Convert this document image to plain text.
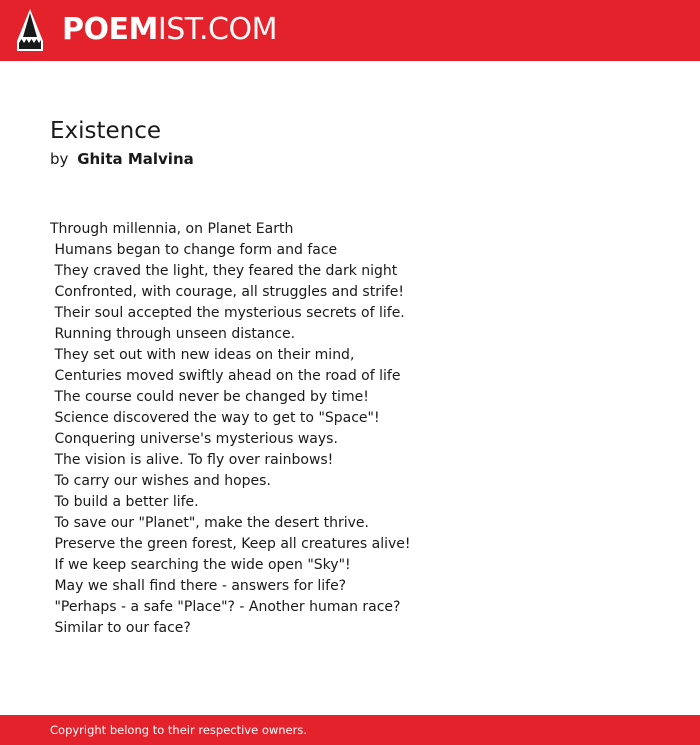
POEMIST.COM
Existence
by Ghita Malvina
Through millennia, on Planet Earth
Humans began to change form and face
They craved the light, they feared the dark night
Confronted, with courage, all struggles and strife!
Their soul accepted the mysterious secrets of life.
Running through unseen distance.
They set out with new ideas on their mind,
Centuries moved swiftly ahead on the road of life
The course could never be changed by time!
Science discovered the way to get to "Space"!
Conquering universe's mysterious ways.
The vision is alive. To fly over rainbows!
To carry our wishes and hopes.
To build a better life.
To save our "Planet", make the desert thrive.
Preserve the green forest, Keep all creatures alive!
If we keep searching the wide open "Sky"!
May we shall find there - answers for life?
"Perhaps - a safe "Place"? - Another human race?
Similar to our face?
Copyright belong to their respective owners.
